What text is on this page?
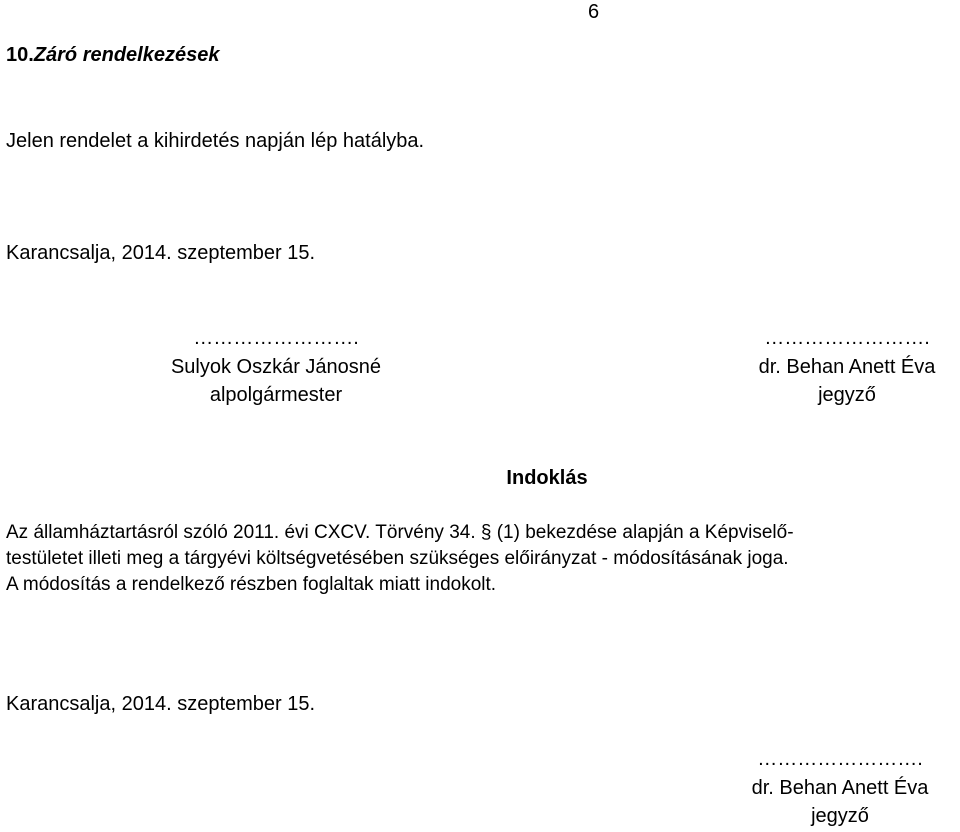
6
10.Záró rendelkezések
Jelen rendelet a kihirdetés napján lép hatályba.
Karancsalja, 2014. szeptember 15.
…………………….
Sulyok Oszkár Jánosné
alpolgármester
…………………….
dr. Behan Anett Éva
jegyző
Indoklás
Az államháztartásról szóló 2011. évi CXCV. Törvény 34. § (1) bekezdése alapján a Képviselő-
testületet illeti meg a tárgyévi költségvetésében szükséges előirányzat - módosításának joga.
A módosítás a rendelkező részben foglaltak miatt indokolt.
Karancsalja, 2014. szeptember 15.
…………………….
dr. Behan Anett Éva
jegyző
